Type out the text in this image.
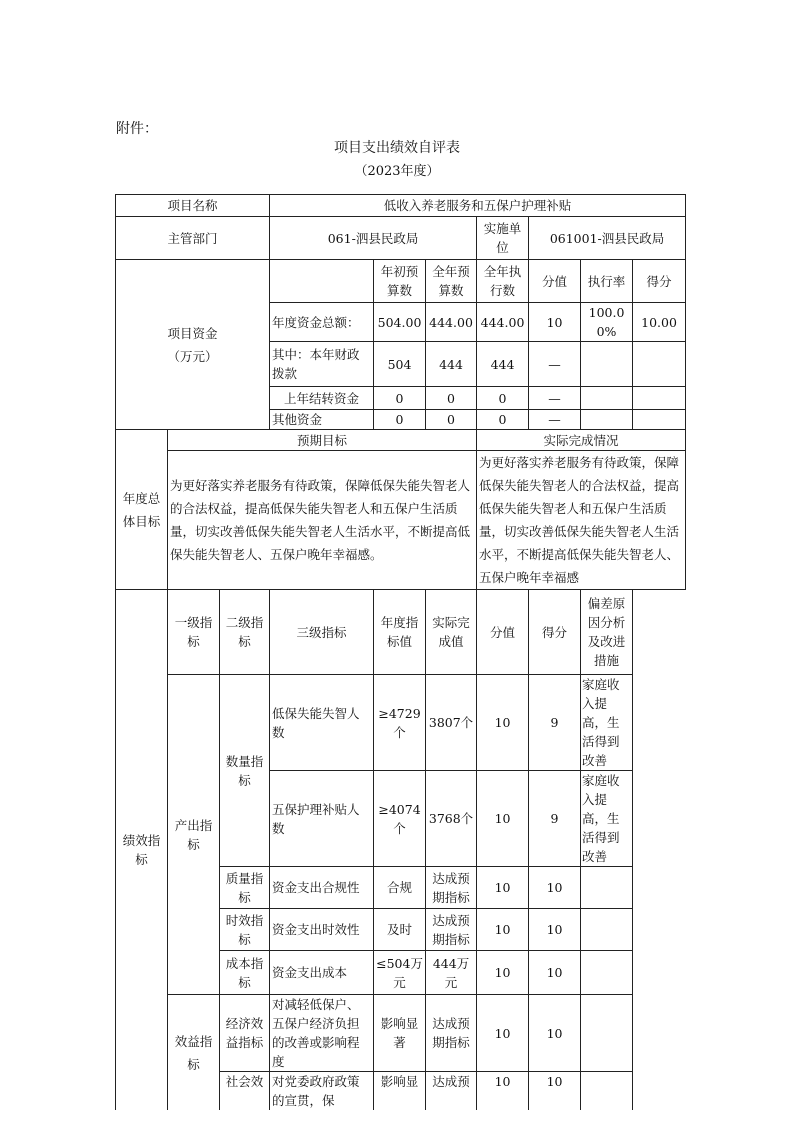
附件：
项目支出绩效自评表
（2023年度）
项目名称			低收入养老服务和五保户护理补贴						
主管部门			061-泗县民政局			实施单位	061001-泗县民政局		
项目资金
（万元）				年初预算数	全年预算数	全年执行数	分值	执行率	得分
			年度资金总额：	504.00	444.00	444.00	10	100.00%	10.00
			其中：本年财政拨款	504	444	444	—		
			上年结转资金	0	0	0	—		
			其他资金	0	0	0	—		
年度总体目标	预期目标					实际完成情况			
	为更好落实养老服务有待政策，保障低保失能失智老人的合法权益，提高低保失能失智老人和五保户生活质量，切实改善低保失能失智老人生活水平，不断提高低保失能失智老人、五保户晚年幸福感。					为更好落实养老服务有待政策，保障低保失能失智老人的合法权益，提高低保失能失智老人和五保户生活质量，切实改善低保失能失智老人生活水平，不断提高低保失能失智老人、五保户晚年幸福感			
绩效指标	一级指标	二级指标	三级指标	年度指标值	实际完成值	分值	得分	偏差原因分析及改进措施	
	产出指标	数量指标	低保失能失智人数	≥4729个	3807个	10	9	家庭收入提高，生活得到改善	
			五保护理补贴人数	≥4074个	3768个	10	9	家庭收入提高，生活得到改善	
		质量指标	资金支出合规性	合规	达成预期指标	10	10		
		时效指标	资金支出时效性	及时	达成预期指标	10	10		
		成本指标	资金支出成本	≤504万元	444万元	10	10		
	效益指标	经济效益指标	对减轻低保户、五保户经济负担的改善或影响程度	影响显著	达成预期指标	10	10		
		社会效	对党委政府政策的宣贯，保	影响显	达成预	10	10		
